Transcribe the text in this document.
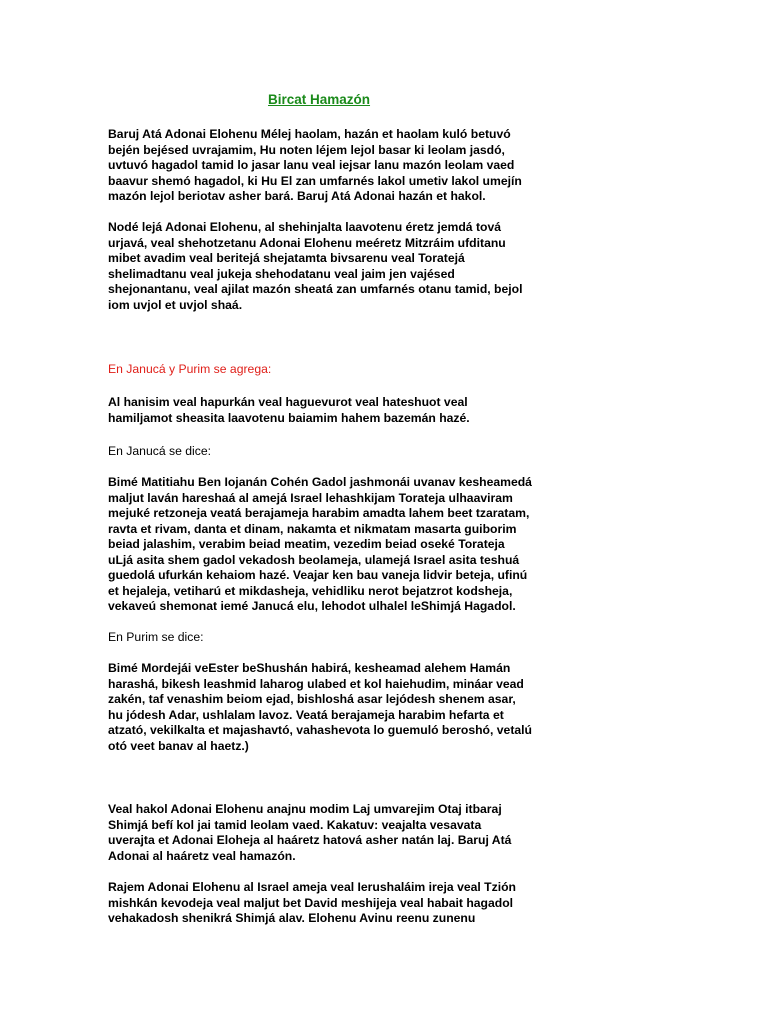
Bircat Hamazón
Baruj Atá Adonai Elohenu Mélej haolam, hazán et haolam kuló betuvó
bején bejésed uvrajamim, Hu noten léjem lejol basar ki leolam jasdó,
uvtuvó hagadol tamid lo jasar lanu veal iejsar lanu mazón leolam vaed
baavur shemó hagadol, ki Hu El zan umfarnés lakol umetiv lakol umejín
mazón lejol beriotav asher bará. Baruj Atá Adonai hazán et hakol.
Nodé lejá Adonai Elohenu, al shehinjalta laavotenu éretz jemdá tová
urjavá, veal shehotzetanu Adonai Elohenu meéretz Mitzráim ufditanu
mibet avadim veal beritejá shejatamta bivsarenu veal Toratejá
shelimadtanu veal jukeja shehodatanu veal jaim jen vajésed
shejonantanu, veal ajilat mazón sheatá zan umfarnés otanu tamid, bejol
iom uvjol et uvjol shaá.

En Janucá y Purim se agrega:

Al hanisim veal hapurkán veal haguevurot veal hateshuot veal
hamiljamot sheasita laavotenu baiamim hahem bazemán hazé.

En Janucá se dice:

Bimé Matitiahu Ben Iojanán Cohén Gadol jashmonái uvanav kesheamedá
maljut laván hareshaá al amejá Israel lehashkijam Torateja ulhaaviram
mejuké retzoneja veatá berajameja harabim amadta lahem beet tzaratam,
ravta et rivam, danta et dinam, nakamta et nikmatam masarta guiborim
beiad jalashim, verabim beiad meatim, vezedim beiad oseké Torateja
uLjá asita shem gadol vekadosh beolameja, ulamejá Israel asita teshuá
guedolá ufurkán kehaiom hazé. Veajar ken bau vaneja lidvir beteja, ufinú
et hejaleja, vetiharú et mikdasheja, vehidliku nerot bejatzrot kodsheja,
vekaveú shemonat iemé Janucá elu, lehodot ulhalel leShimjá Hagadol.

En Purim se dice:

Bimé Mordejái veEster beShushán habirá, kesheamad alehem Hamán
harashá, bikesh leashmid laharog ulabed et kol haiehudim, mináar vead
zakén, taf venashim beiom ejad, bishloshá asar lejódesh shenem asar,
hu jódesh Adar, ushlalam lavoz. Veatá berajameja harabim hefarta et
atzató, vekilkalta et majashavtó, vahashevota lo guemuló beroshó, vetalú
otó veet banav al haetz.)
Veal hakol Adonai Elohenu anajnu modim Laj umvarejim Otaj itbaraj
Shimjá befí kol jai tamid leolam vaed. Kakatuv: veajalta vesavata
uverajta et Adonai Eloheja al haáretz hatová asher natán laj. Baruj Atá
Adonai al haáretz veal hamazón.
Rajem Adonai Elohenu al Israel ameja veal Ierushaláim ireja veal Tzión
mishkán kevodeja veal maljut bet David meshijeja veal habait hagadol
vehakadosh shenikrá Shimjá alav. Elohenu Avinu reenu zunenu
